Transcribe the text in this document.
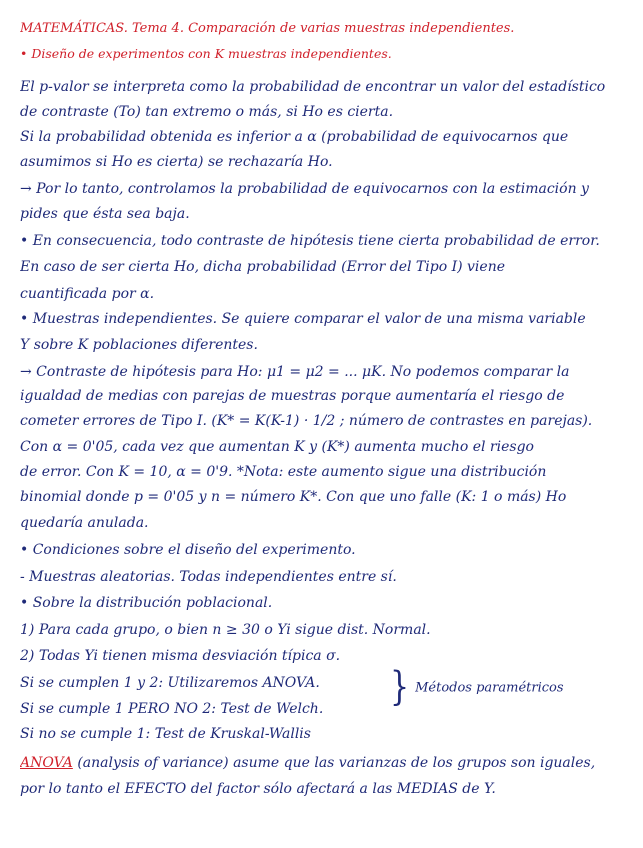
MATEMÁTICAS. Tema 4. Comparación de varias muestras independientes.
• Diseño de experimentos con K muestras independientes.
El p-valor se interpreta como la probabilidad de encontrar un valor del estadístico
de contraste (To) tan extremo o más, si Ho es cierta.
Si la probabilidad obtenida es inferior a α (probabilidad de equivocarnos que
asumimos si Ho es cierta) se rechazaría Ho.
→ Por lo tanto, controlamos la probabilidad de equivocarnos con la estimación y
pides que ésta sea baja.
• En consecuencia, todo contraste de hipótesis tiene cierta probabilidad de error.
En caso de ser cierta Ho, dicha probabilidad (Error del Tipo I) viene
cuantificada por α.
• Muestras independientes. Se quiere comparar el valor de una misma variable
Y sobre K poblaciones diferentes.
→ Contraste de hipótesis para Ho: μ1 = μ2 = ... μK. No podemos comparar la
igualdad de medias con parejas de muestras porque aumentaría el riesgo de
cometer errores de Tipo I. (K* = K(K-1) · 1/2 ; número de contrastes en parejas).
Con α = 0'05, cada vez que aumentan K y (K*) aumenta mucho el riesgo
de error. Con K = 10, α = 0'9. *Nota: este aumento sigue una distribución
binomial donde p = 0'05 y n = número K*. Con que uno falle (K: 1 o más) Ho
quedaría anulada.
• Condiciones sobre el diseño del experimento.
- Muestras aleatorias. Todas independientes entre sí.
• Sobre la distribución poblacional.
1) Para cada grupo, o bien n ≥ 30 o Yi sigue dist. Normal.
2) Todas Yi tienen misma desviación típica σ.
Si se cumplen 1 y 2: Utilizaremos ANOVA.
Si se cumple 1 PERO NO 2: Test de Welch.
Si no se cumple 1: Test de Kruskal-Wallis
} Métodos paramétricos
ANOVA (analysis of variance) asume que las varianzas de los grupos son iguales,
por lo tanto el EFECTO del factor sólo afectará a las MEDIAS de Y.
